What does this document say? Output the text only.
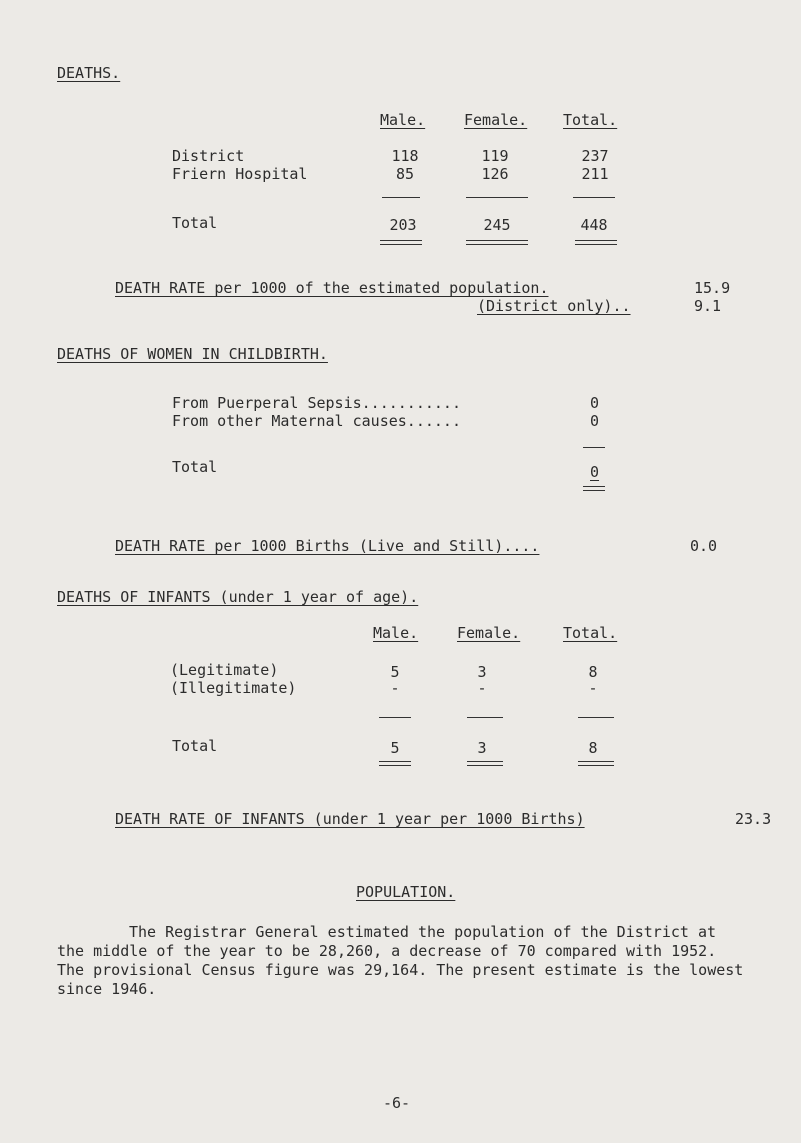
DEATHS.
Male.	Female. Total.
District	118	119	237
Friern Hospital	85	126	211
Total	203	245	448
DEATH RATE per 1000 of the estimated population.	15.9
(District only)..	9.1
DEATHS OF WOMEN IN CHILDBIRTH.
From Puerperal Sepsis...........	0
From other Maternal causes......	0
Total	0
DEATH RATE per 1000 Births (Live and Still)....	0.0
DEATHS OF INFANTS (under 1 year of age).
Male.	Female.	Total.
(Legitimate)	5	3	8
(Illegitimate)	-	-	-
Total	5	3	8
DEATH RATE OF INFANTS (under 1 year per 1000 Births)	23.3
POPULATION.
The Registrar General estimated the population of the District at the middle of the year to be 28,260, a decrease of 70 compared with 1952. The provisional Census figure was 29,164. The present estimate is the lowest since 1946.
-6-
